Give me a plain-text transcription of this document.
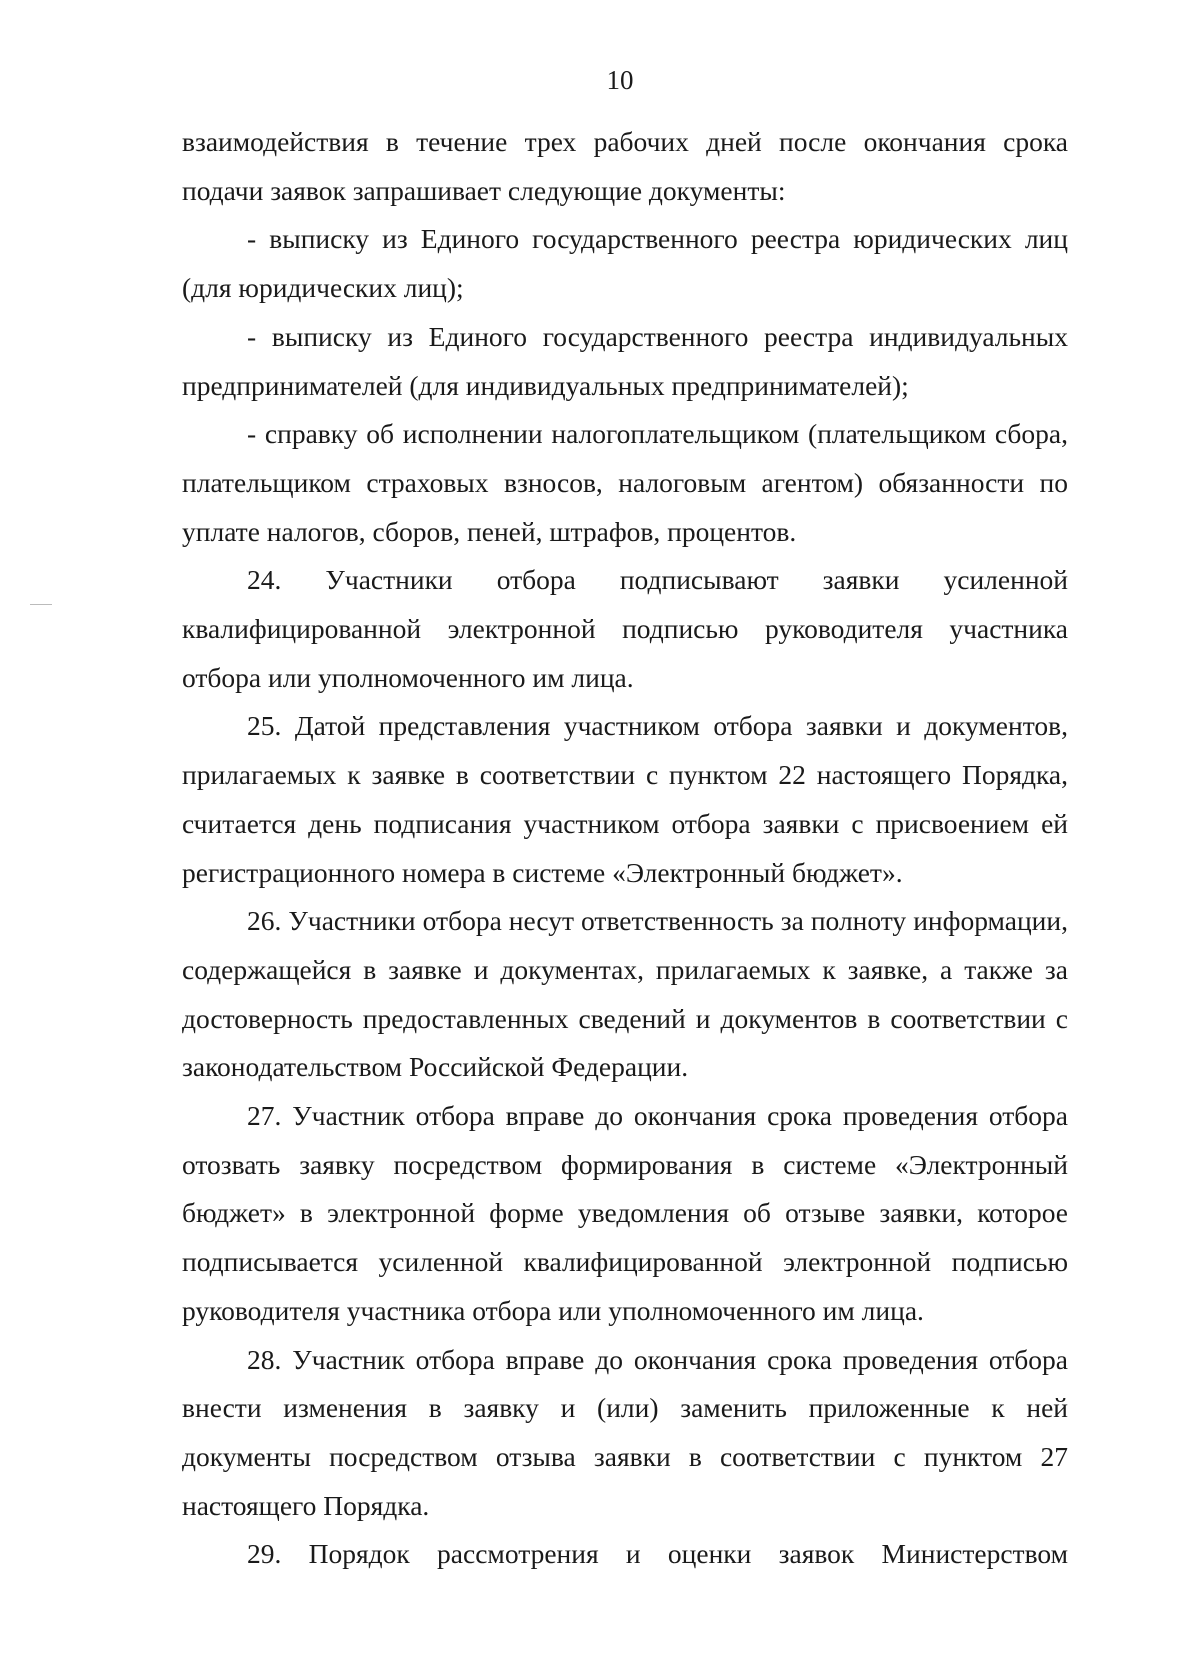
10

взаимодействия в течение трех рабочих дней после окончания срока подачи заявок запрашивает следующие документы:

- выписку из Единого государственного реестра юридических лиц (для юридических лиц);

- выписку из Единого государственного реестра индивидуальных предпринимателей (для индивидуальных предпринимателей);

- справку об исполнении налогоплательщиком (плательщиком сбора, плательщиком страховых взносов, налоговым агентом) обязанности по уплате налогов, сборов, пеней, штрафов, процентов.

24. Участники отбора подписывают заявки усиленной квалифицированной электронной подписью руководителя участника отбора или уполномоченного им лица.

25. Датой представления участником отбора заявки и документов, прилагаемых к заявке в соответствии с пунктом 22 настоящего Порядка, считается день подписания участником отбора заявки с присвоением ей регистрационного номера в системе «Электронный бюджет».

26. Участники отбора несут ответственность за полноту информации, содержащейся в заявке и документах, прилагаемых к заявке, а также за достоверность предоставленных сведений и документов в соответствии с законодательством Российской Федерации.

27. Участник отбора вправе до окончания срока проведения отбора отозвать заявку посредством формирования в системе «Электронный бюджет» в электронной форме уведомления об отзыве заявки, которое подписывается усиленной квалифицированной электронной подписью руководителя участника отбора или уполномоченного им лица.

28. Участник отбора вправе до окончания срока проведения отбора внести изменения в заявку и (или) заменить приложенные к ней документы посредством отзыва заявки в соответствии с пунктом 27 настоящего Порядка.

29. Порядок рассмотрения и оценки заявок Министерством
